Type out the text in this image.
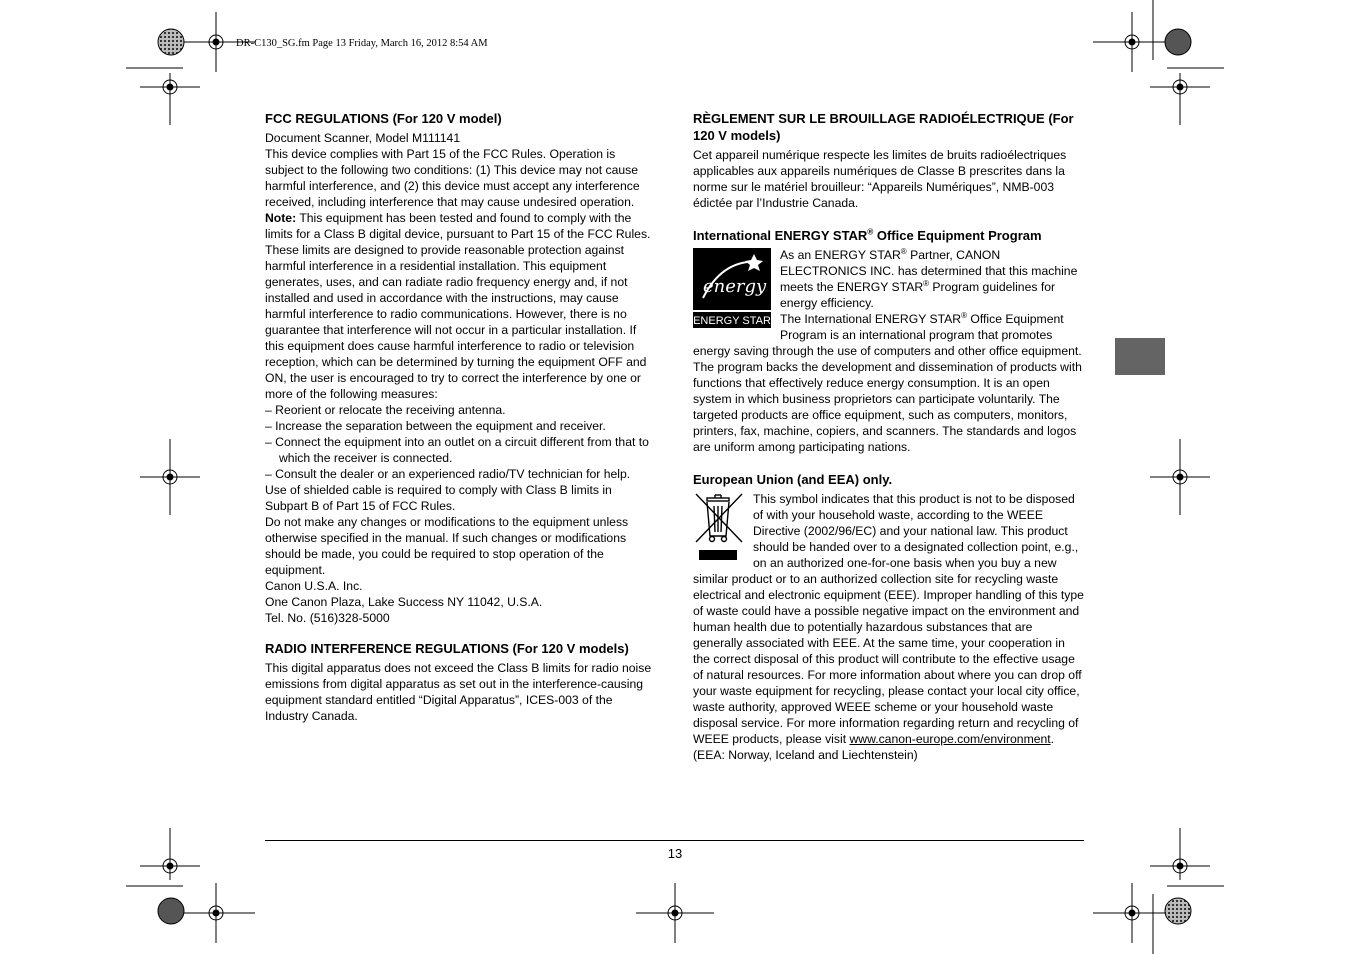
DR-C130_SG.fm Page 13 Friday, March 16, 2012 8:54 AM
FCC REGULATIONS (For 120 V model)

Document Scanner, Model M111141

This device complies with Part 15 of the FCC Rules. Operation is subject to the following two conditions: (1) This device may not cause harmful interference, and (2) this device must accept any interference received, including interference that may cause undesired operation.

Note: This equipment has been tested and found to comply with the limits for a Class B digital device, pursuant to Part 15 of the FCC Rules. These limits are designed to provide reasonable protection against harmful interference in a residential installation. This equipment generates, uses, and can radiate radio frequency energy and, if not installed and used in accordance with the instructions, may cause harmful interference to radio communications. However, there is no guarantee that interference will not occur in a particular installation. If this equipment does cause harmful interference to radio or television reception, which can be determined by turning the equipment OFF and ON, the user is encouraged to try to correct the interference by one or more of the following measures:

– Reorient or relocate the receiving antenna.

– Increase the separation between the equipment and receiver.

– Connect the equipment into an outlet on a circuit different from that to which the receiver is connected.

– Consult the dealer or an experienced radio/TV technician for help.

Use of shielded cable is required to comply with Class B limits in Subpart B of Part 15 of FCC Rules.

Do not make any changes or modifications to the equipment unless otherwise specified in the manual. If such changes or modifications should be made, you could be required to stop operation of the equipment.

Canon U.S.A. Inc.

One Canon Plaza, Lake Success NY 11042, U.S.A.

Tel. No. (516)328-5000

RADIO INTERFERENCE REGULATIONS (For 120 V models)

This digital apparatus does not exceed the Class B limits for radio noise emissions from digital apparatus as set out in the interference-causing equipment standard entitled “Digital Apparatus”, ICES-003 of the Industry Canada.

RÈGLEMENT SUR LE BROUILLAGE RADIOÉLECTRIQUE (For 120 V models)

Cet appareil numérique respecte les limites de bruits radioélectriques applicables aux appareils numériques de Classe B prescrites dans la norme sur le matériel brouilleur: “Appareils Numériques”, NMB-003 édictée par l’Industrie Canada.

International ENERGY STAR® Office Equipment Program
energy
ENERGY STAR

As an ENERGY STAR® Partner, CANON ELECTRONICS INC. has determined that this machine meets the ENERGY STAR® Program guidelines for energy efficiency.

The International ENERGY STAR® Office Equipment Program is an international program that promotes energy saving through the use of computers and other office equipment. The program backs the development and dissemination of products with functions that effectively reduce energy consumption. It is an open system in which business proprietors can participate voluntarily. The targeted products are office equipment, such as computers, monitors, printers, fax, machine, copiers, and scanners. The standards and logos are uniform among participating nations.

European Union (and EEA) only.

This symbol indicates that this product is not to be disposed of with your household waste, according to the WEEE Directive (2002/96/EC) and your national law. This product should be handed over to a designated collection point, e.g., on an authorized one-for-one basis when you buy a new similar product or to an authorized collection site for recycling waste electrical and electronic equipment (EEE). Improper handling of this type of waste could have a possible negative impact on the environment and human health due to potentially hazardous substances that are generally associated with EEE. At the same time, your cooperation in the correct disposal of this product will contribute to the effective usage of natural resources. For more information about where you can drop off your waste equipment for recycling, please contact your local city office, waste authority, approved WEEE scheme or your household waste disposal service. For more information regarding return and recycling of WEEE products, please visit www.canon-europe.com/environment.

(EEA: Norway, Iceland and Liechtenstein)

13
